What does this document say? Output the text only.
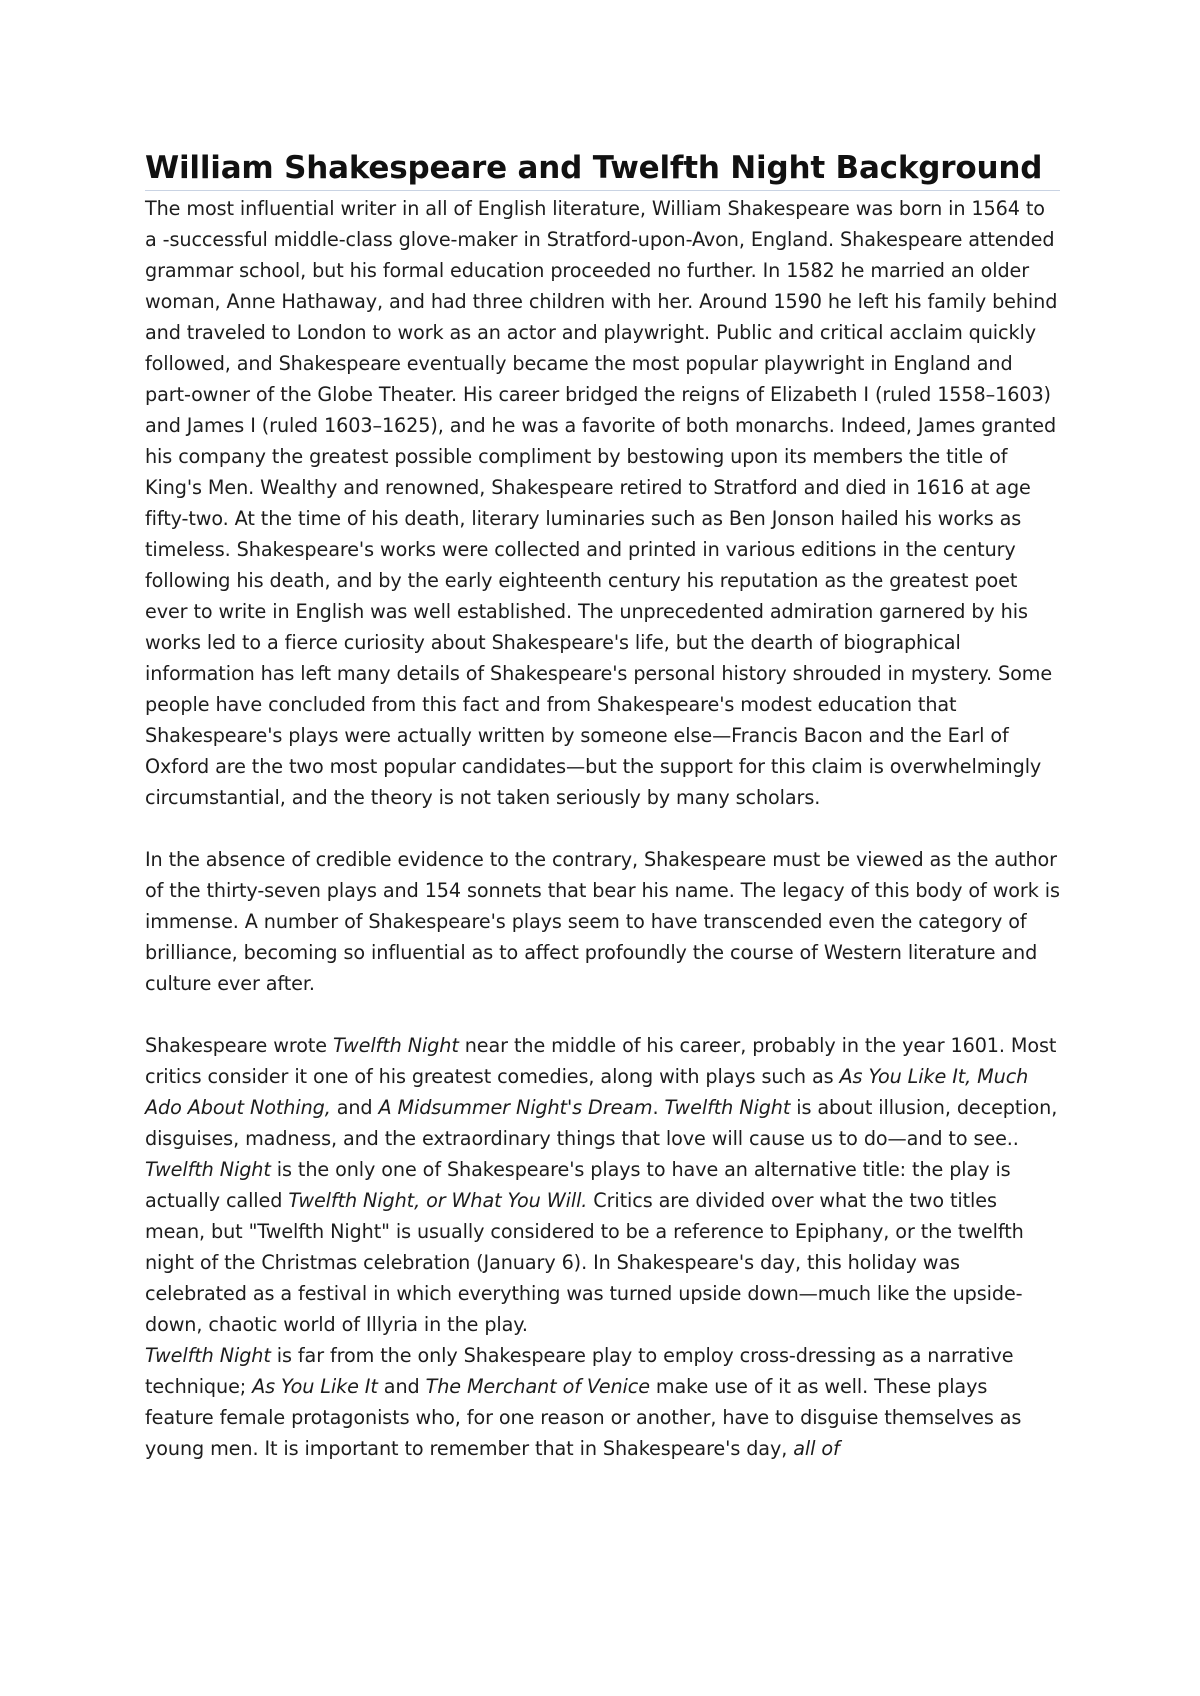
William Shakespeare and Twelfth Night Background

The most influential writer in all of English literature, William Shakespeare was born in 1564 to a -successful middle-class glove-maker in Stratford-upon-Avon, England. Shakespeare attended grammar school, but his formal education proceeded no further. In 1582 he married an older woman, Anne Hathaway, and had three children with her. Around 1590 he left his family behind and traveled to London to work as an actor and playwright. Public and critical acclaim quickly followed, and Shakespeare eventually became the most popular playwright in England and part-owner of the Globe Theater. His career bridged the reigns of Elizabeth I (ruled 1558–1603) and James I (ruled 1603–1625), and he was a favorite of both monarchs. Indeed, James granted his company the greatest possible compliment by bestowing upon its members the title of King's Men. Wealthy and renowned, Shakespeare retired to Stratford and died in 1616 at age fifty-two. At the time of his death, literary luminaries such as Ben Jonson hailed his works as timeless. Shakespeare's works were collected and printed in various editions in the century following his death, and by the early eighteenth century his reputation as the greatest poet ever to write in English was well established. The unprecedented admiration garnered by his works led to a fierce curiosity about Shakespeare's life, but the dearth of biographical information has left many details of Shakespeare's personal history shrouded in mystery. Some people have concluded from this fact and from Shakespeare's modest education that Shakespeare's plays were actually written by someone else—Francis Bacon and the Earl of Oxford are the two most popular candidates—but the support for this claim is overwhelmingly circumstantial, and the theory is not taken seriously by many scholars.

In the absence of credible evidence to the contrary, Shakespeare must be viewed as the author of the thirty-seven plays and 154 sonnets that bear his name. The legacy of this body of work is immense. A number of Shakespeare's plays seem to have transcended even the category of brilliance, becoming so influential as to affect profoundly the course of Western literature and culture ever after.

Shakespeare wrote Twelfth Night near the middle of his career, probably in the year 1601. Most critics consider it one of his greatest comedies, along with plays such as As You Like It, Much Ado About Nothing, and A Midsummer Night's Dream. Twelfth Night is about illusion, deception, disguises, madness, and the extraordinary things that love will cause us to do—and to see..

Twelfth Night is the only one of Shakespeare's plays to have an alternative title: the play is actually called Twelfth Night, or What You Will. Critics are divided over what the two titles mean, but "Twelfth Night" is usually considered to be a reference to Epiphany, or the twelfth night of the Christmas celebration (January 6). In Shakespeare's day, this holiday was celebrated as a festival in which everything was turned upside down—much like the upside-down, chaotic world of Illyria in the play.

Twelfth Night is far from the only Shakespeare play to employ cross-dressing as a narrative technique; As You Like It and The Merchant of Venice make use of it as well. These plays feature female protagonists who, for one reason or another, have to disguise themselves as young men. It is important to remember that in Shakespeare's day, all of
